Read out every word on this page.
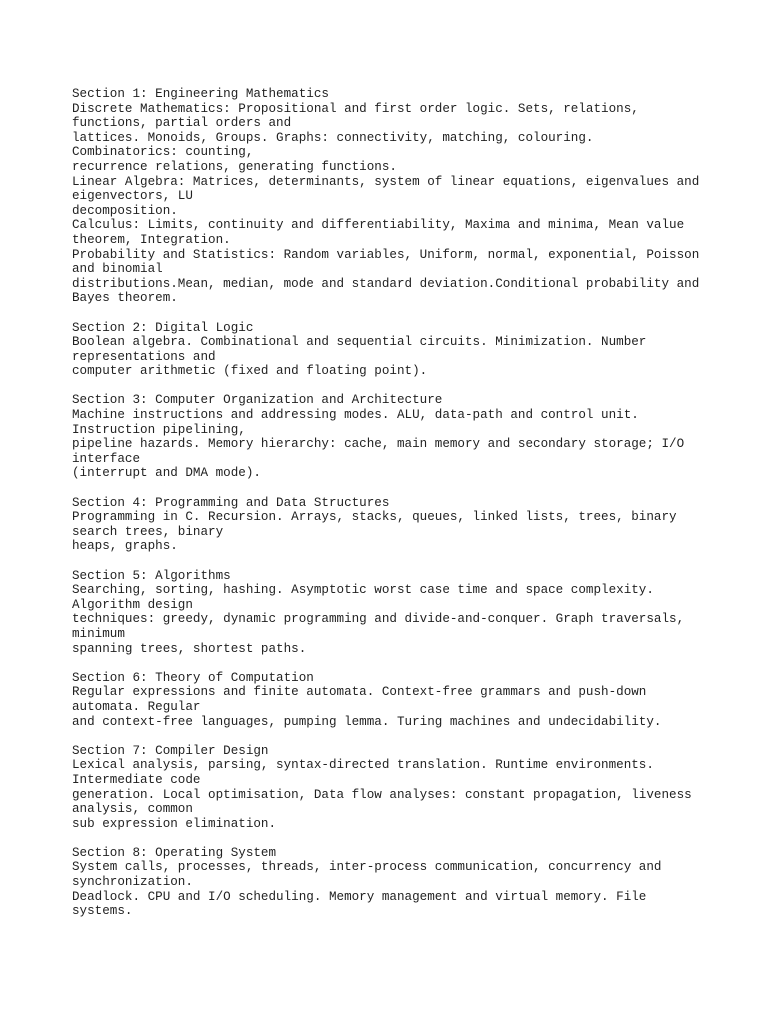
Section 1: Engineering Mathematics
Discrete Mathematics: Propositional and first order logic. Sets, relations,
functions, partial orders and
lattices. Monoids, Groups. Graphs: connectivity, matching, colouring.
Combinatorics: counting,
recurrence relations, generating functions.
Linear Algebra: Matrices, determinants, system of linear equations, eigenvalues and
eigenvectors, LU
decomposition.
Calculus: Limits, continuity and differentiability, Maxima and minima, Mean value
theorem, Integration.
Probability and Statistics: Random variables, Uniform, normal, exponential, Poisson
and binomial
distributions.Mean, median, mode and standard deviation.Conditional probability and
Bayes theorem.
Section 2: Digital Logic
Boolean algebra. Combinational and sequential circuits. Minimization. Number
representations and
computer arithmetic (fixed and floating point).
Section 3: Computer Organization and Architecture
Machine instructions and addressing modes. ALU, data-path and control unit.
Instruction pipelining,
pipeline hazards. Memory hierarchy: cache, main memory and secondary storage; I/O
interface
(interrupt and DMA mode).
Section 4: Programming and Data Structures
Programming in C. Recursion. Arrays, stacks, queues, linked lists, trees, binary
search trees, binary
heaps, graphs.
Section 5: Algorithms
Searching, sorting, hashing. Asymptotic worst case time and space complexity.
Algorithm design
techniques: greedy, dynamic programming and divide-and-conquer. Graph traversals,
minimum
spanning trees, shortest paths.
Section 6: Theory of Computation
Regular expressions and finite automata. Context-free grammars and push-down
automata. Regular
and context-free languages, pumping lemma. Turing machines and undecidability.
Section 7: Compiler Design
Lexical analysis, parsing, syntax-directed translation. Runtime environments.
Intermediate code
generation. Local optimisation, Data flow analyses: constant propagation, liveness
analysis, common
sub expression elimination.
Section 8: Operating System
System calls, processes, threads, inter-process communication, concurrency and
synchronization.
Deadlock. CPU and I/O scheduling. Memory management and virtual memory. File
systems.
